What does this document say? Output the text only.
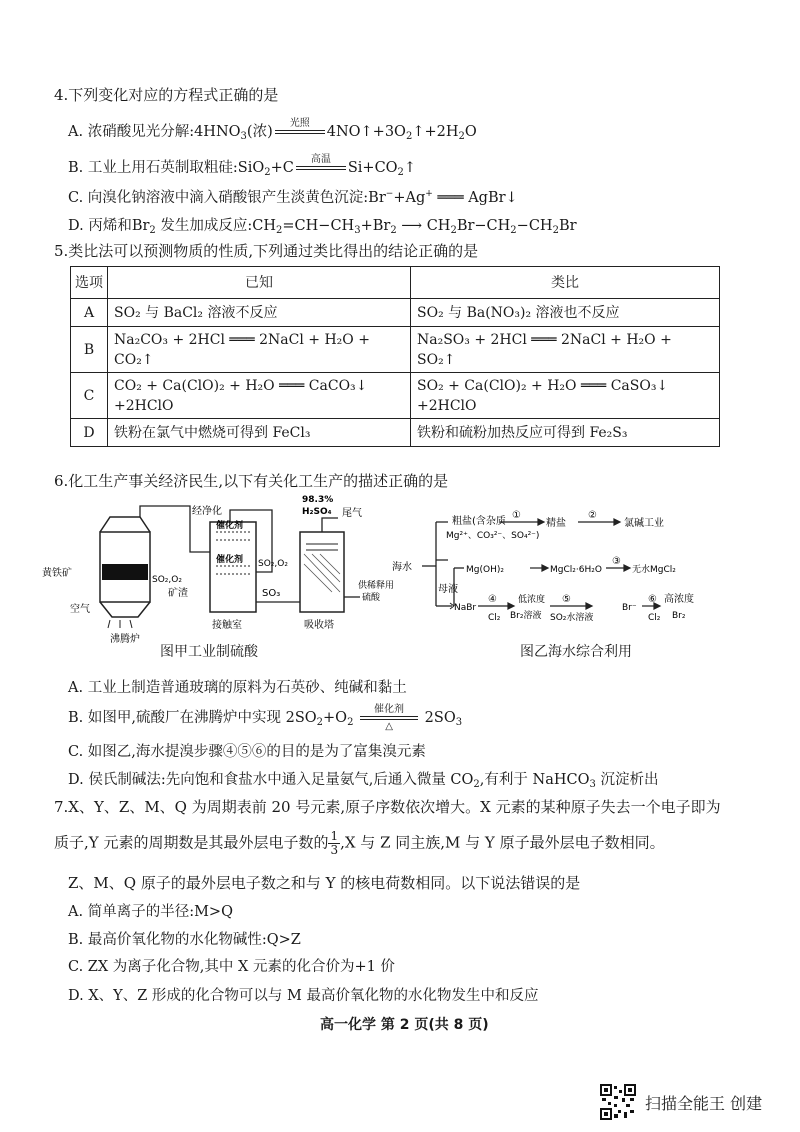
4.下列变化对应的方程式正确的是
A. 浓硝酸见光分解$:4HNO_3$(浓)
光照

$4NO↑+3O_2↑+2H_2O$
B. 工业上用石英制取粗硅:SiO$_2$+C
高温

$Si+CO_2↑$
C. 向溴化钠溶液中滴入硝酸银产生淡黄色沉淀:Br−+Ag+ ═══ AgBr↓
D. 丙烯和$Br_2$ 发生加成反应$:CH_2=CH-CH_3+Br_2$ ⟶ $CH_2Br-CH_2-CH_2Br$
5.类比法可以预测物质的性质,下列通过类比得出的结论正确的是
选项	已知	类比
A	SO₂ 与 BaCl₂ 溶液不反应	SO₂ 与 Ba(NO₃)₂ 溶液也不反应
B	Na₂CO₃ + 2HCl ═══ 2NaCl + H₂O + CO₂↑	Na₂SO₃ + 2HCl ═══ 2NaCl + H₂O + SO₂↑
C	CO₂ + Ca(ClO)₂ + H₂O ═══ CaCO₃↓ +2HClO	SO₂ + Ca(ClO)₂ + H₂O ═══ CaSO₃↓ +2HClO
D	铁粉在氯气中燃烧可得到 FeCl₃	铁粉和硫粉加热反应可得到 Fe₂S₃
6.化工生产事关经济民生,以下有关化工生产的描述正确的是
98.3%
H₂SO₄ 尾气
经净化
催化剂
催化剂
黄铁矿
SO₂,O₂
SO₂,O₂
矿渣
空气
沸腾炉
SO₃
接触室	吸收塔
供稀释用
硫酸
图甲工业制硫酸
粗盐(含杂质
Mg²⁺、CO₃²⁻、SO₄²⁻)
①
精盐
②
氯碱工业
海水
母液
Mg(OH)₂	MgCl₂·6H₂O
③
无水MgCl₂
NaBr
④
Cl₂
低浓度
Br₂溶液
⑤
SO₂水溶液
Br⁻
⑥
Cl₂
高浓度
Br₂
图乙海水综合利用
A. 工业上制造普通玻璃的原料为石英砂、纯碱和黏土
B. 如图甲,硫酸厂在沸腾炉中实现 $2SO_2+O_2$
催化剂
△
$2SO_3$
C. 如图乙,海水提溴步骤④⑤⑥的目的是为了富集溴元素
D. 侯氏制碱法:先向饱和食盐水中通入足量氨气,后通入微量 $CO_2$,有利于 NaHCO$_3$ 沉淀析出
7.X、Y、Z、M、Q 为周期表前 20 号元素,原子序数依次增大。X 元素的某种原子失去一个电子即为
质子,Y 元素的周期数是其最外层电子数的 $\frac{1}{3} ,X$ 与 Z 同主族,M 与 Y 原子最外层电子数相同。
Z、M、Q 原子的最外层电子数之和与 Y 的核电荷数相同。以下说法错误的是
A. 简单离子的半径:M>Q
B. 最高价氧化物的水化物碱性:Q>Z
C. ZX 为离子化合物,其中 X 元素的化合价为+1 价
D. X、Y、Z 形成的化合物可以与 M 最高价氧化物的水化物发生中和反应
高一化学 第 2 页(共 8 页)
扫描全能王 创建
